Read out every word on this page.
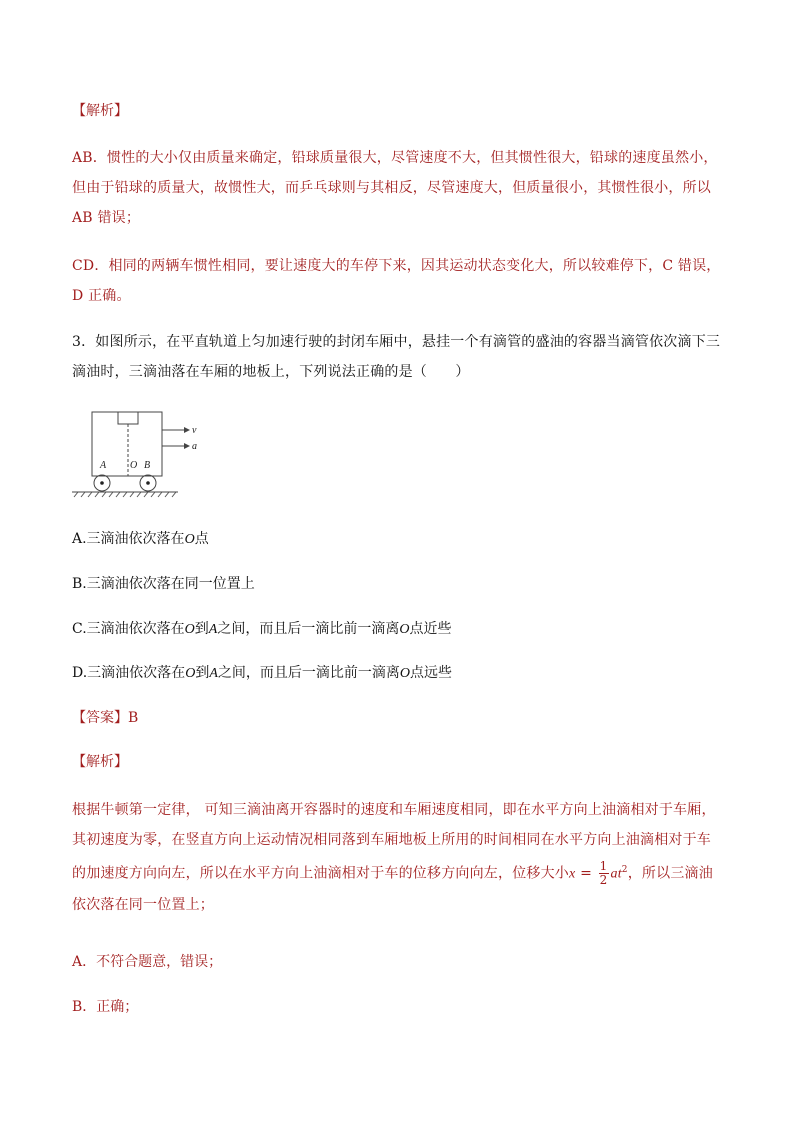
【解析】

AB．惯性的大小仅由质量来确定，铅球质量很大，尽管速度不大，但其惯性很大，铅球的速度虽然小，但由于铅球的质量大，故惯性大，而乒乓球则与其相反，尽管速度大，但质量很小，其惯性很小，所以 AB 错误；

CD．相同的两辆车惯性相同，要让速度大的车停下来，因其运动状态变化大，所以较难停下，C 错误，D 正确。

3．如图所示，在平直轨道上匀加速行驶的封闭车厢中，悬挂一个有滴管的盛油的容器当滴管依次滴下三滴油时，三滴油落在车厢的地板上，下列说法正确的是（　　）

v
a
A O B
A.三滴油依次落在O点
B.三滴油依次落在同一位置上
C.三滴油依次落在O到A之间，而且后一滴比前一滴离O点近些
D.三滴油依次落在O到A之间，而且后一滴比前一滴离O点远些
【答案】B
【解析】

根据牛顿第一定律， 可知三滴油离开容器时的速度和车厢速度相同，即在水平方向上油滴相对于车厢，其初速度为零，在竖直方向上运动情况相同落到车厢地板上所用的时间相同在水平方向上油滴相对于车的加速度方向向左，所以在水平方向上油滴相对于车的位移方向向左，位移大小$x = \frac{1}{2} at^2$，所以三滴油依次落在同一位置上；

A．不符合题意，错误；
B．正确；
